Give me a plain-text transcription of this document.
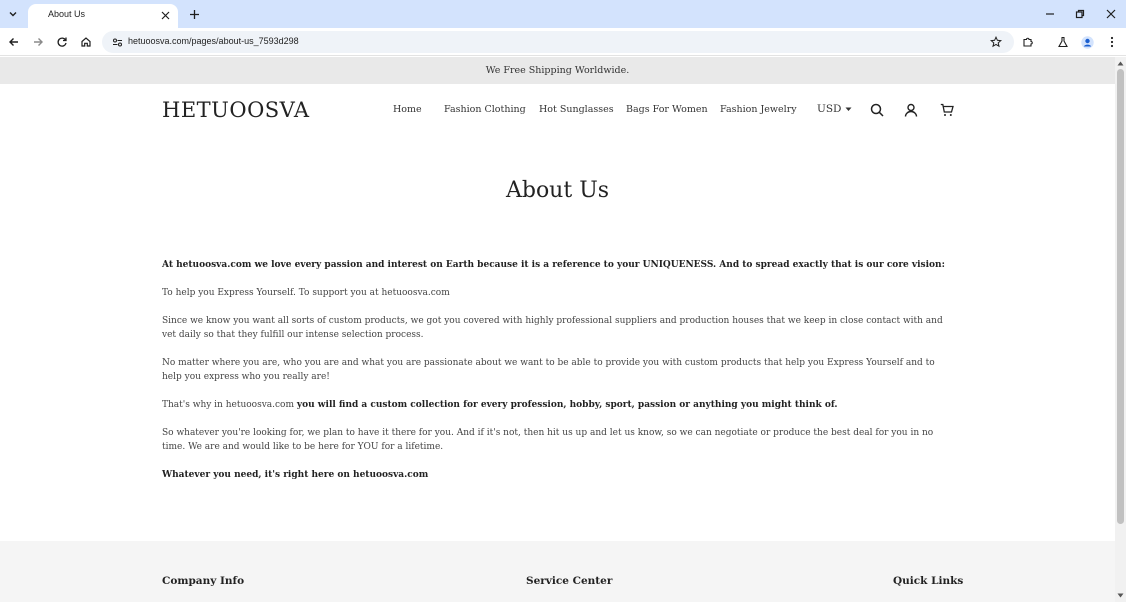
About Us
hetuoosva.com/pages/about-us_7593d298
We Free Shipping Worldwide.
HETUOOSVA	Home Fashion Clothing Hot Sunglasses Bags For Women Fashion Jewelry USD
About Us

At hetuoosva.com we love every passion and interest on Earth because it is a reference to your UNIQUENESS. And to spread exactly that is our core vision:

To help you Express Yourself. To support you at hetuoosva.com

Since we know you want all sorts of custom products, we got you covered with highly professional suppliers and production houses that we keep in close contact with and vet daily so that they fulfill our intense selection process.

No matter where you are, who you are and what you are passionate about we want to be able to provide you with custom products that help you Express Yourself and to help you express who you really are!

That's why in hetuoosva.com you will find a custom collection for every profession, hobby, sport, passion or anything you might think of.

So whatever you're looking for, we plan to have it there for you. And if it's not, then hit us up and let us know, so we can negotiate or produce the best deal for you in no time. We are and would like to be here for YOU for a lifetime.

Whatever you need, it's right here on hetuoosva.com

Company Info	Service Center	Quick Links
